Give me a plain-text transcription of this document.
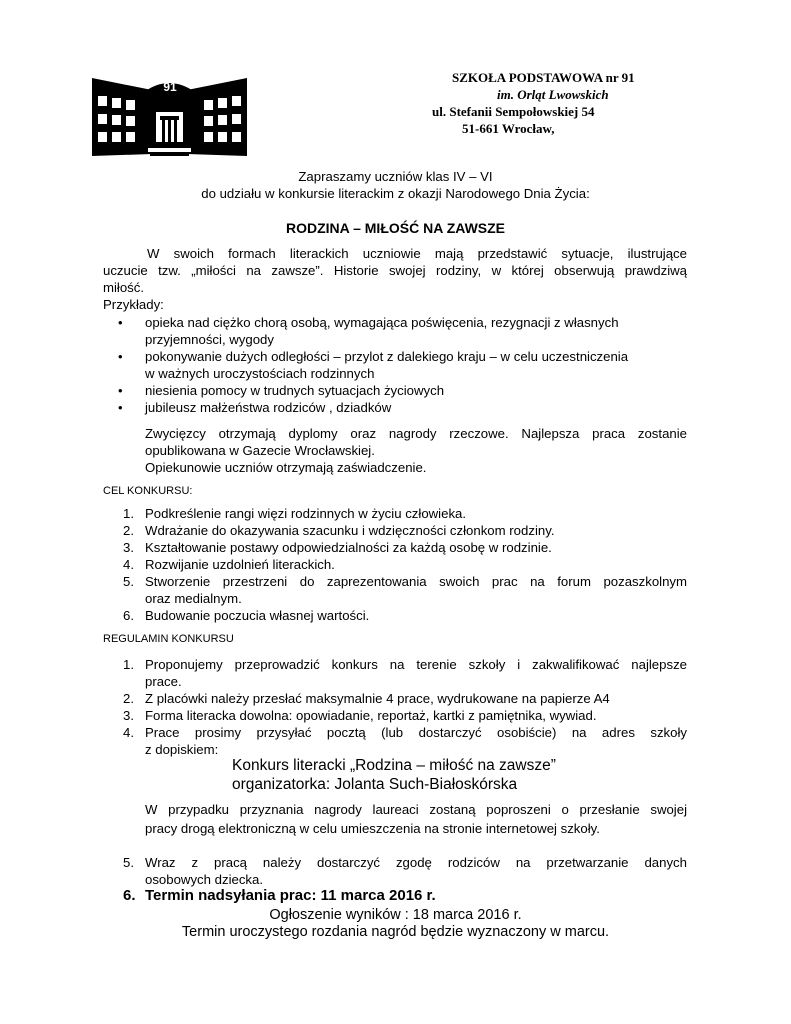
91
SZKOŁA PODSTAWOWA nr 91
im. Orląt Lwowskich
ul. Stefanii Sempołowskiej 54
51-661 Wrocław,
Zapraszamy uczniów klas IV – VI
do udziału w konkursie literackim z okazji Narodowego Dnia Życia:
RODZINA – MIŁOŚĆ NA ZAWSZE
W swoich formach literackich uczniowie mają przedstawić sytuacje, ilustrujące
uczucie tzw. „miłości na zawsze”. Historie swojej rodziny, w której obserwują prawdziwą
miłość.
Przykłady:
• opieka nad ciężko chorą osobą, wymagająca poświęcenia, rezygnacji z własnych
przyjemności, wygody
• pokonywanie dużych odległości – przylot z dalekiego kraju – w celu uczestniczenia
w ważnych uroczystościach rodzinnych
• niesienia pomocy w trudnych sytuacjach życiowych
• jubileusz małżeństwa rodziców , dziadków
Zwycięzcy otrzymają dyplomy oraz nagrody rzeczowe. Najlepsza praca zostanie
opublikowana w Gazecie Wrocławskiej.
Opiekunowie uczniów otrzymają zaświadczenie.
CEL KONKURSU:
1. Podkreślenie rangi więzi rodzinnych w życiu człowieka.
2. Wdrażanie do okazywania szacunku i wdzięczności członkom rodziny.
3. Kształtowanie postawy odpowiedzialności za każdą osobę w rodzinie.
4. Rozwijanie uzdolnień literackich.
5. Stworzenie przestrzeni do zaprezentowania swoich prac na forum pozaszkolnym
oraz medialnym.
6. Budowanie poczucia własnej wartości.
REGULAMIN KONKURSU
1. Proponujemy przeprowadzić konkurs na terenie szkoły i zakwalifikować najlepsze
prace.
2. Z placówki należy przesłać maksymalnie 4 prace, wydrukowane na papierze A4
3. Forma literacka dowolna: opowiadanie, reportaż, kartki z pamiętnika, wywiad.
4. Prace prosimy przysyłać pocztą (lub dostarczyć osobiście) na adres szkoły
z dopiskiem:
Konkurs literacki „Rodzina – miłość na zawsze”
organizatorka: Jolanta Such-Białoskórska
W przypadku przyznania nagrody laureaci zostaną poproszeni o przesłanie swojej
pracy drogą elektroniczną w celu umieszczenia na stronie internetowej szkoły.
5. Wraz z pracą należy dostarczyć zgodę rodziców na przetwarzanie danych
osobowych dziecka.
6. Termin nadsyłania prac: 11 marca 2016 r.
Ogłoszenie wyników : 18 marca 2016 r.
Termin uroczystego rozdania nagród będzie wyznaczony w marcu.
